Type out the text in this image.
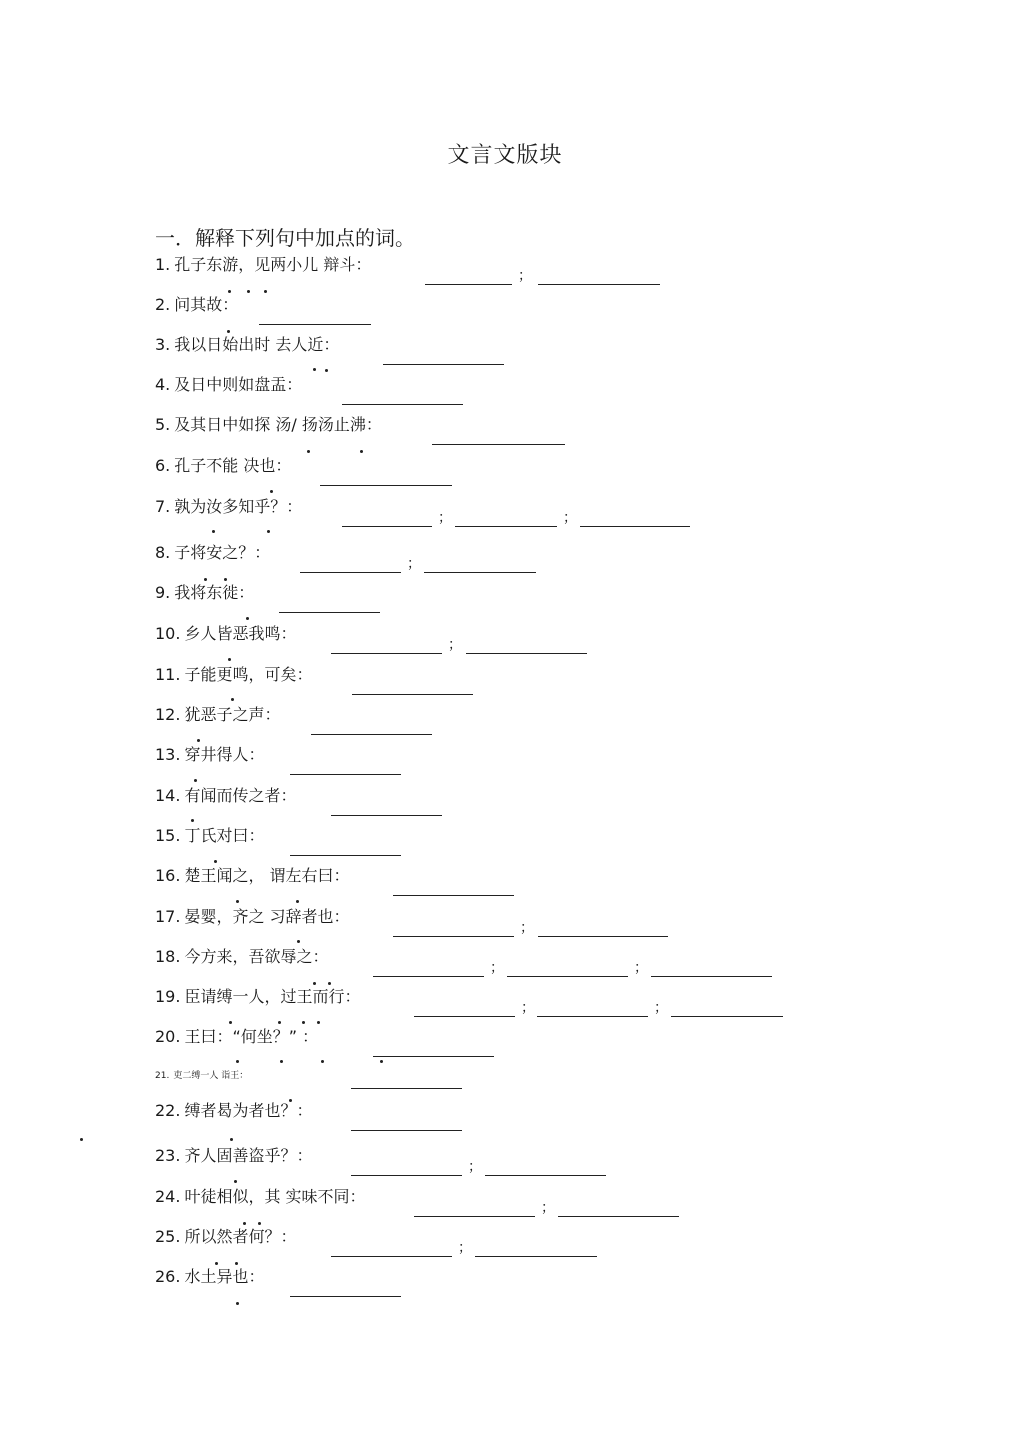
文言文版块
一．解释下列句中加点的词。
1. 孔子东游，见两小儿 辩斗：
；
2. 问其故：
3. 我以日始出时 去人近：
4. 及日中则如盘盂：
5. 及其日中如探 汤/ 扬汤止沸：
6. 孔子不能 决也：
7. 孰为汝多知乎？：
；	；
8. 子将安之？：
；
9. 我将东徙：
10. 乡人皆恶我鸣：
；
11. 子能更鸣，可矣：
12. 犹恶子之声：
13. 穿井得人：
14. 有闻而传之者：
15. 丁氏对曰：
16. 楚王闻之， 谓左右曰：
17. 晏婴，齐之 习辞者也：
；
18. 今方来，吾欲辱之：
；	；
19. 臣请缚一人，过王而行：
；	；
20. 王曰：“何坐？” ：
21. 吏二缚一人 诣王：
22. 缚者曷为者也？：
23. 齐人固善盗乎？：
；
24. 叶徒相似，其 实味不同：
；
25. 所以然者何？：
；
26. 水土异也：
